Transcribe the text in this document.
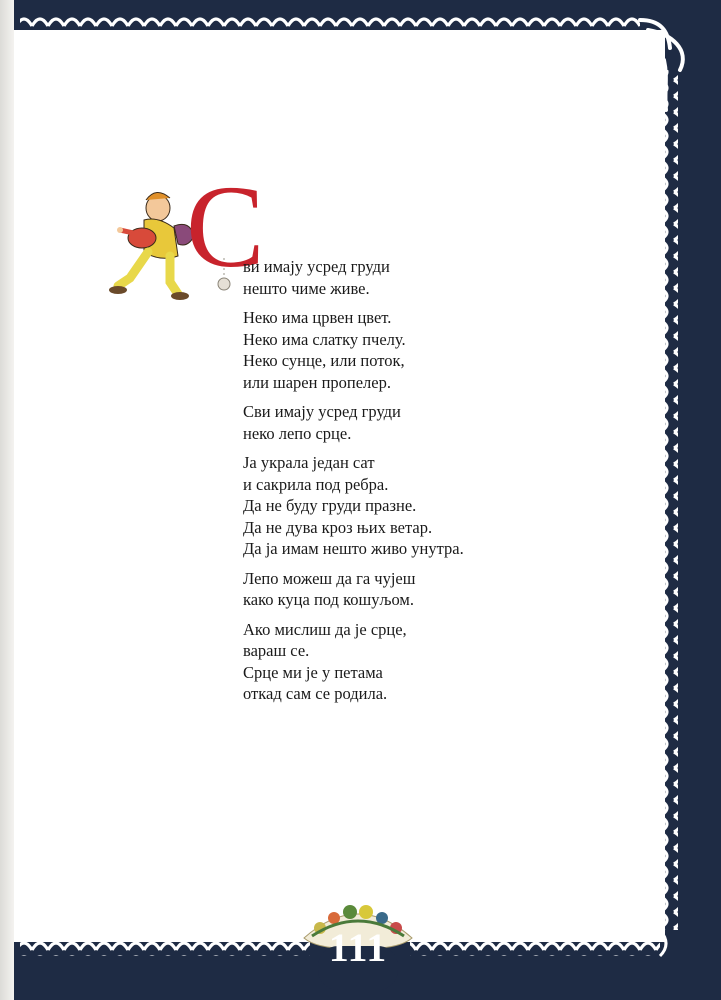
С

ви имају усред груди
нешто чиме живе.

Неко има црвен цвет.
Неко има слатку пчелу.
Неко сунце, или поток,
или шарен пропелер.

Сви имају усред груди
неко лепо срце.

Ја украла један сат
и сакрила под ребра.
Да не буду груди празне.
Да не дува кроз њих ветар.
Да ја имам нешто живо унутра.

Лепо можеш да га чујеш
како куца под кошуљом.

Ако мислиш да је срце,
вараш се.
Срце ми је у петама
откад сам се родила.

111
